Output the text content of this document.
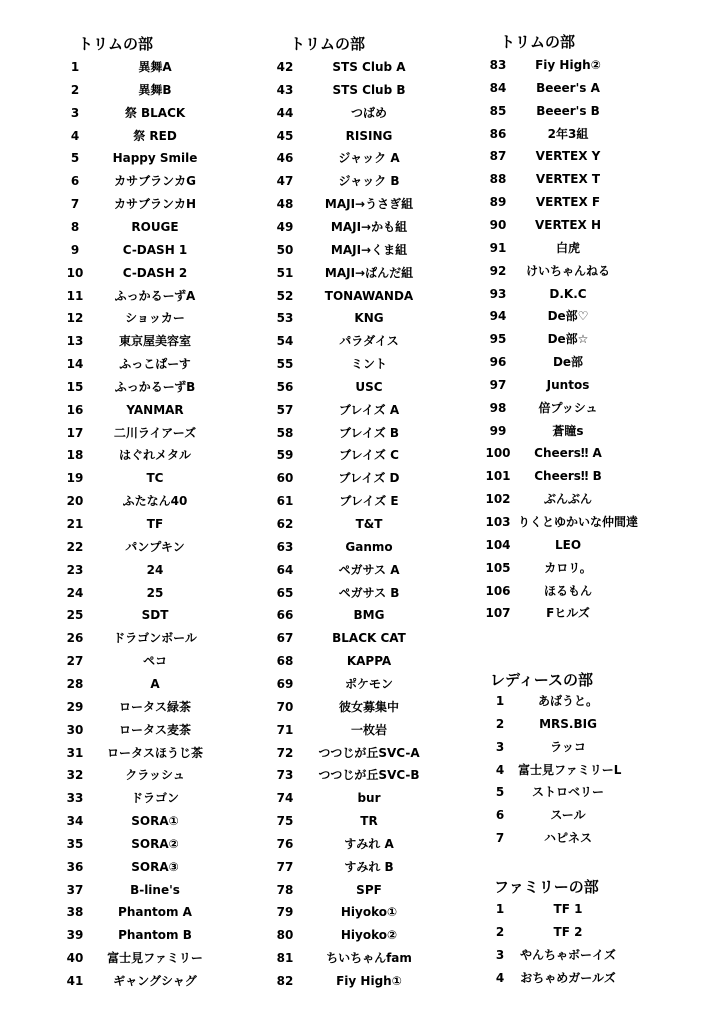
トリムの部
1	異舞A
2	異舞B
3	祭 BLACK
4	祭 RED
5	Happy Smile
6	カサブランカG
7	カサブランカH
8	ROUGE
9	C-DASH 1
10	C-DASH 2
11	ふっかるーずA
12	ショッカー
13	東京屋美容室
14	ふっこぱーす
15	ふっかるーずB
16	YANMAR
17	二川ライアーズ
18	はぐれメタル
19	TC
20	ふたなん40
21	TF
22	パンプキン
23	24
24	25
25	SDT
26	ドラゴンボール
27	ペコ
28	A
29	ロータス緑茶
30	ロータス麦茶
31	ロータスほうじ茶
32	クラッシュ
33	ドラゴン
34	SORA①
35	SORA②
36	SORA③
37	B-line's
38	Phantom A
39	Phantom B
40	富士見ファミリー
41	ギャングシャグ
トリムの部
42	STS Club A
43	STS Club B
44	つばめ
45	RISING
46	ジャック A
47	ジャック B
48	MAJI→うさぎ組
49	MAJI→かも組
50	MAJI→くま組
51	MAJI→ぱんだ組
52	TONAWANDA
53	KNG
54	パラダイス
55	ミント
56	USC
57	ブレイズ A
58	ブレイズ B
59	ブレイズ C
60	ブレイズ D
61	ブレイズ E
62	T&T
63	Ganmo
64	ペガサス A
65	ペガサス B
66	BMG
67	BLACK CAT
68	KAPPA
69	ポケモン
70	彼女募集中
71	一枚岩
72	つつじが丘SVC-A
73	つつじが丘SVC-B
74	bur
75	TR
76	すみれ A
77	すみれ B
78	SPF
79	Hiyoko①
80	Hiyoko②
81	ちいちゃんfam
82	Fiy High①
トリムの部
83	Fiy High②
84	Beeer's A
85	Beeer's B
86	2年3組
87	VERTEX Y
88	VERTEX T
89	VERTEX F
90	VERTEX H
91	白虎
92	けいちゃんねる
93	D.K.C
94	De部♡
95	De部☆
96	De部
97	Juntos
98	倍プッシュ
99	蒼瞳s
100	Cheers‼ A
101	Cheers‼ B
102	ぶんぶん
103 りくとゆかいな仲間達
104	LEO
105	カロリ。
106	ほるもん
107	Fヒルズ
レディースの部
1	あばうと。
2	MRS.BIG
3	ラッコ
4	富士見ファミリーL
5	ストロベリー
6	スール
7	ハピネス
ファミリーの部
1	TF 1
2	TF 2
3	やんちゃボーイズ
4	おちゃめガールズ
